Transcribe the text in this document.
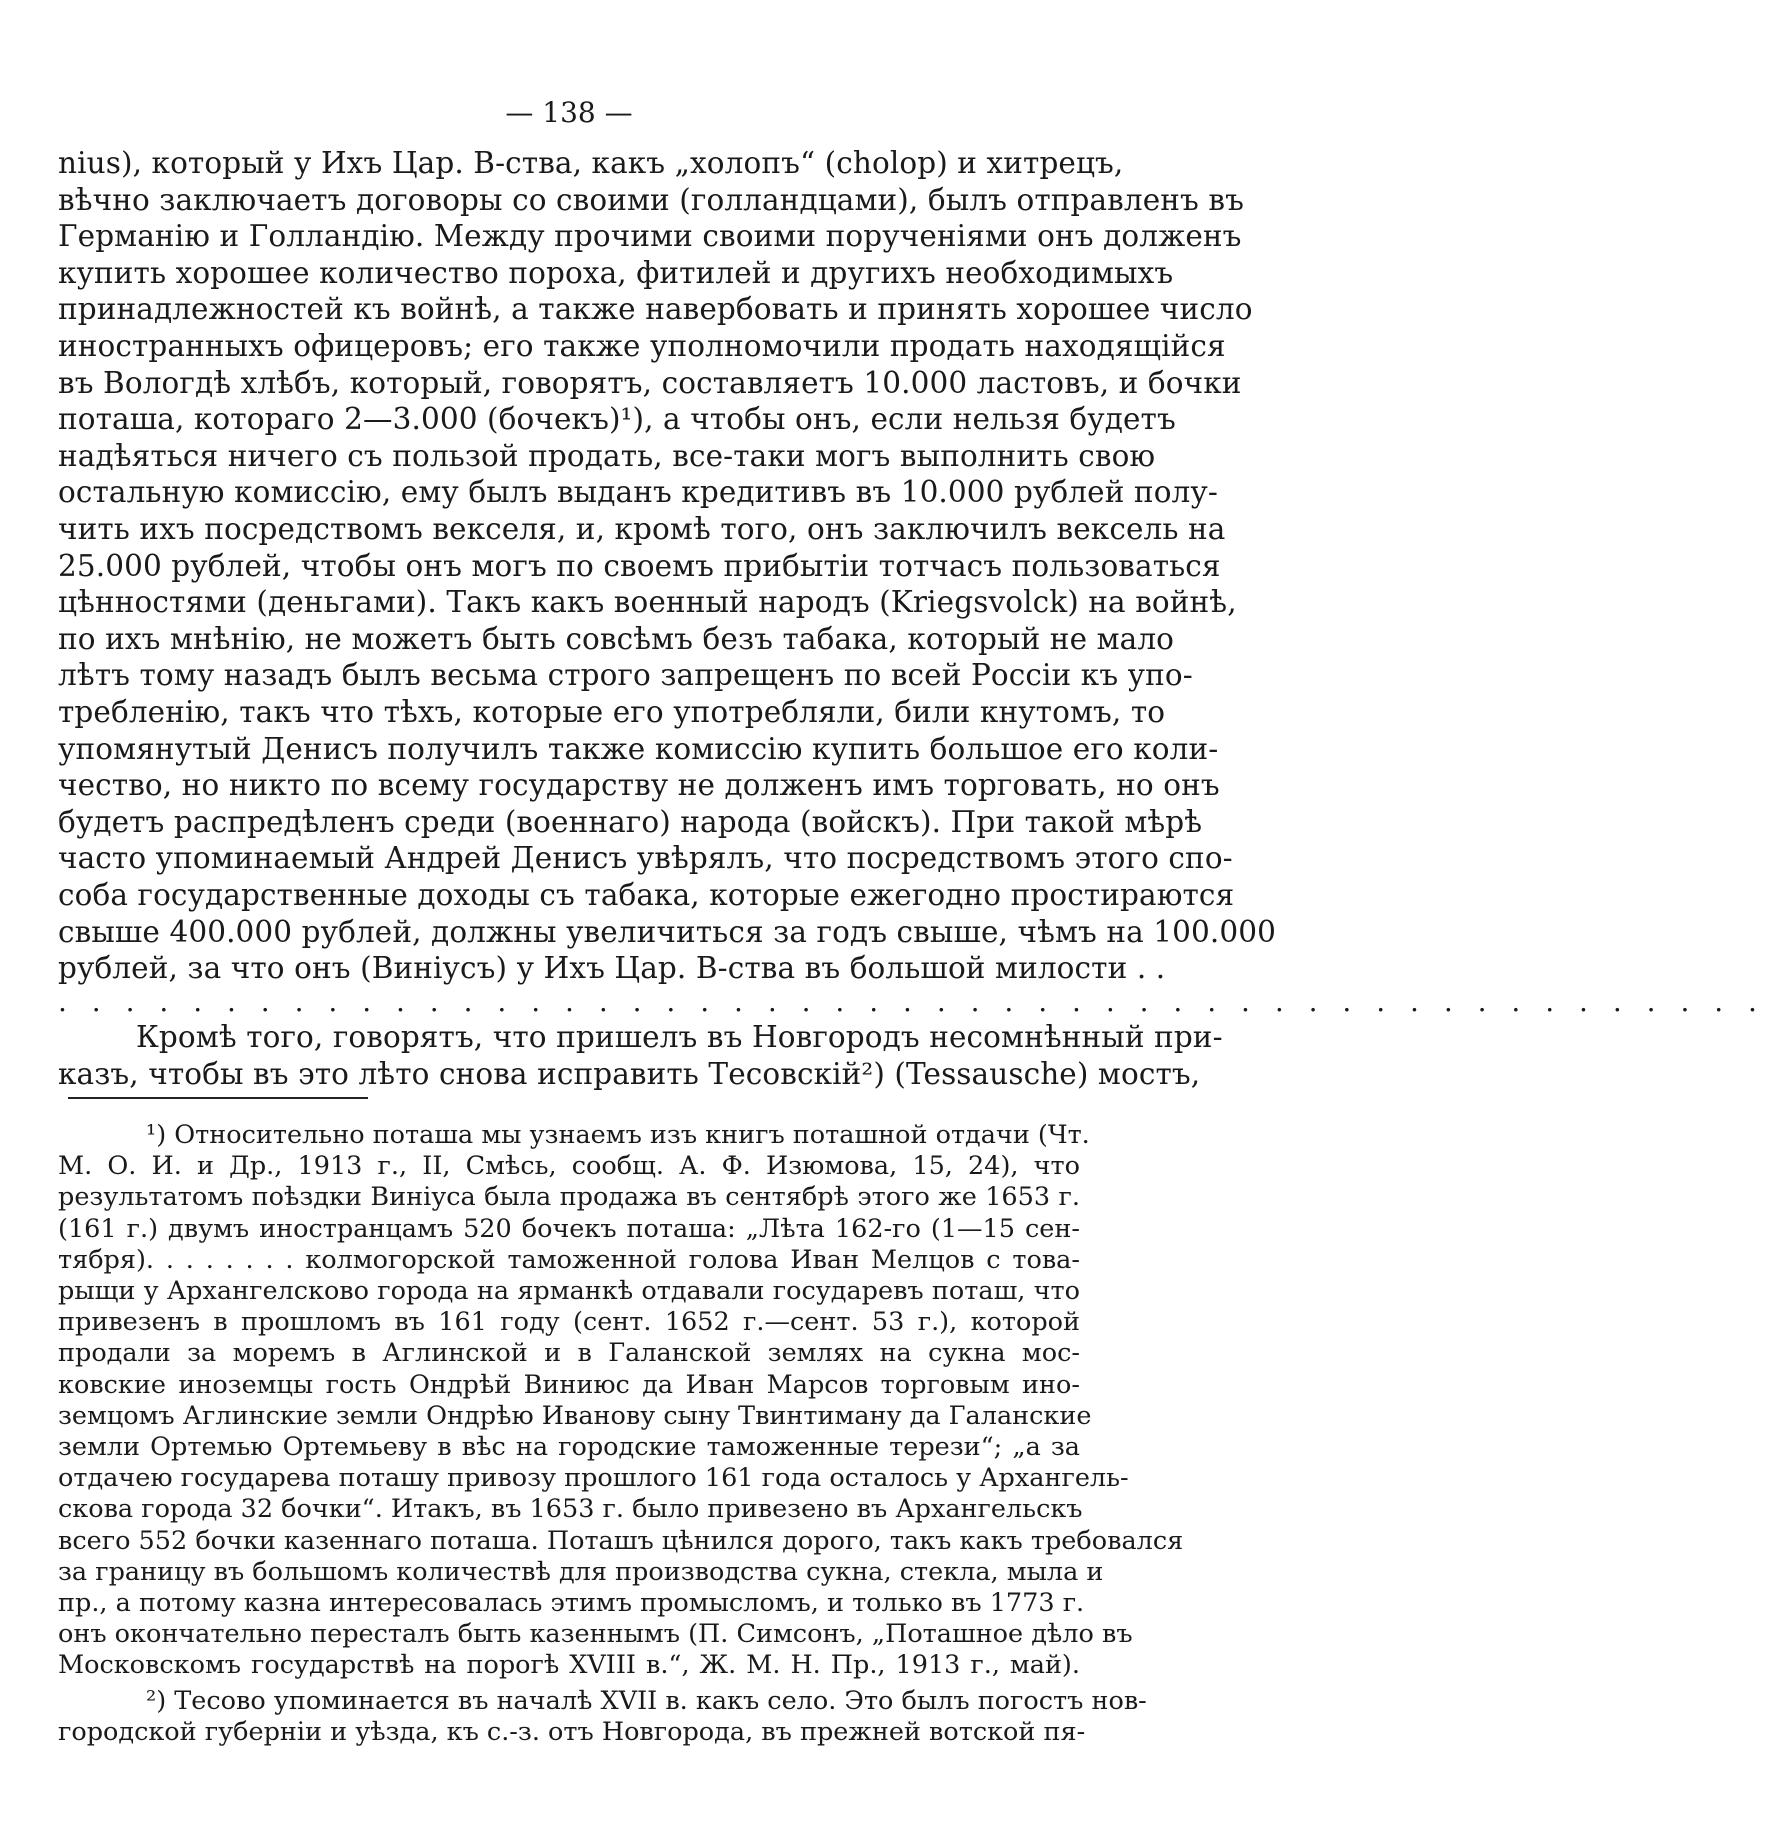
— 138 —
nius), который у Ихъ Цар. В-ства, какъ „холопъ“ (cholop) и хитрецъ,
вѣчно заключаетъ договоры со своими (голландцами), былъ отправленъ въ
Германію и Голландію. Между прочими своими порученіями онъ долженъ
купить хорошее количество пороха, фитилей и другихъ необходимыхъ
принадлежностей къ войнѣ, а также навербовать и принять хорошее число
иностранныхъ офицеровъ; его также уполномочили продать находящійся
въ Вологдѣ хлѣбъ, который, говорятъ, составляетъ 10.000 ластовъ, и бочки
поташа, котораго 2—3.000 (бочекъ)¹), а чтобы онъ, если нельзя будетъ
надѣяться ничего съ пользой продать, все-таки могъ выполнить свою
остальную комиссію, ему былъ выданъ кредитивъ въ 10.000 рублей полу-
чить ихъ посредствомъ векселя, и, кромѣ того, онъ заключилъ вексель на
25.000 рублей, чтобы онъ могъ по своемъ прибытіи тотчасъ пользоваться
цѣнностями (деньгами). Такъ какъ военный народъ (Kriegsvolck) на войнѣ,
по ихъ мнѣнію, не можетъ быть совсѣмъ безъ табака, который не мало
лѣтъ тому назадъ былъ весьма строго запрещенъ по всей Россіи къ упо-
требленію, такъ что тѣхъ, которые его употребляли, били кнутомъ, то
упомянутый Денисъ получилъ также комиссію купить большое его коли-
чество, но никто по всему государству не долженъ имъ торговать, но онъ
будетъ распредѣленъ среди (военнаго) народа (войскъ). При такой мѣрѣ
часто упоминаемый Андрей Денисъ увѣрялъ, что посредствомъ этого спо-
соба государственные доходы съ табака, которые ежегодно простираются
свыше 400.000 рублей, должны увеличиться за годъ свыше, чѣмъ на 100.000
рублей, за что онъ (Виніусъ) у Ихъ Цар. В-ства въ большой милости . .
. . . . . . . . . . . . . . . . . . . . . . . . . . . . . . . . . . . . . . . . . . . . . . . . . . .
Кромѣ того, говорятъ, что пришелъ въ Новгородъ несомнѣнный при-
казъ, чтобы въ это лѣто снова исправить Тесовскій²) (Tessausche) мостъ,
¹) Относительно поташа мы узнаемъ изъ книгъ поташной отдачи (Чт.
М. О. И. и Др., 1913 г., II, Смѣсь, сообщ. А. Ф. Изюмова, 15, 24), что
результатомъ поѣздки Виніуса была продажа въ сентябрѣ этого же 1653 г.
(161 г.) двумъ иностранцамъ 520 бочекъ поташа: „Лѣта 162-го (1—15 сен-
тября). . . . . . . . колмогорской таможенной голова Иван Мелцов с това-
рыщи у Архангелсково города на ярманкѣ отдавали государевъ поташ, что
привезенъ в прошломъ въ 161 году (сент. 1652 г.—сент. 53 г.), которой
продали за моремъ в Аглинской и в Галанской землях на сукна мос-
ковские иноземцы гость Ондрѣй Виниюс да Иван Марсов торговым ино-
земцомъ Аглинские земли Ондрѣю Иванову сыну Твинтиману да Галанские
земли Ортемью Ортемьеву в вѣс на городские таможенные терези“; „а за
отдачею государева поташу привозу прошлого 161 года осталось у Архангель-
скова города 32 бочки“. Итакъ, въ 1653 г. было привезено въ Архангельскъ
всего 552 бочки казеннаго поташа. Поташъ цѣнился дорого, такъ какъ требовался
за границу въ большомъ количествѣ для производства сукна, стекла, мыла и
пр., а потому казна интересовалась этимъ промысломъ, и только въ 1773 г.
онъ окончательно пересталъ быть казеннымъ (П. Симсонъ, „Поташное дѣло въ
Московскомъ государствѣ на порогѣ XVIII в.“, Ж. М. Н. Пр., 1913 г., май).
²) Тесово упоминается въ началѣ XVII в. какъ село. Это былъ погостъ нов-
городской губерніи и уѣзда, къ с.-з. отъ Новгорода, въ прежней вотской пя-
